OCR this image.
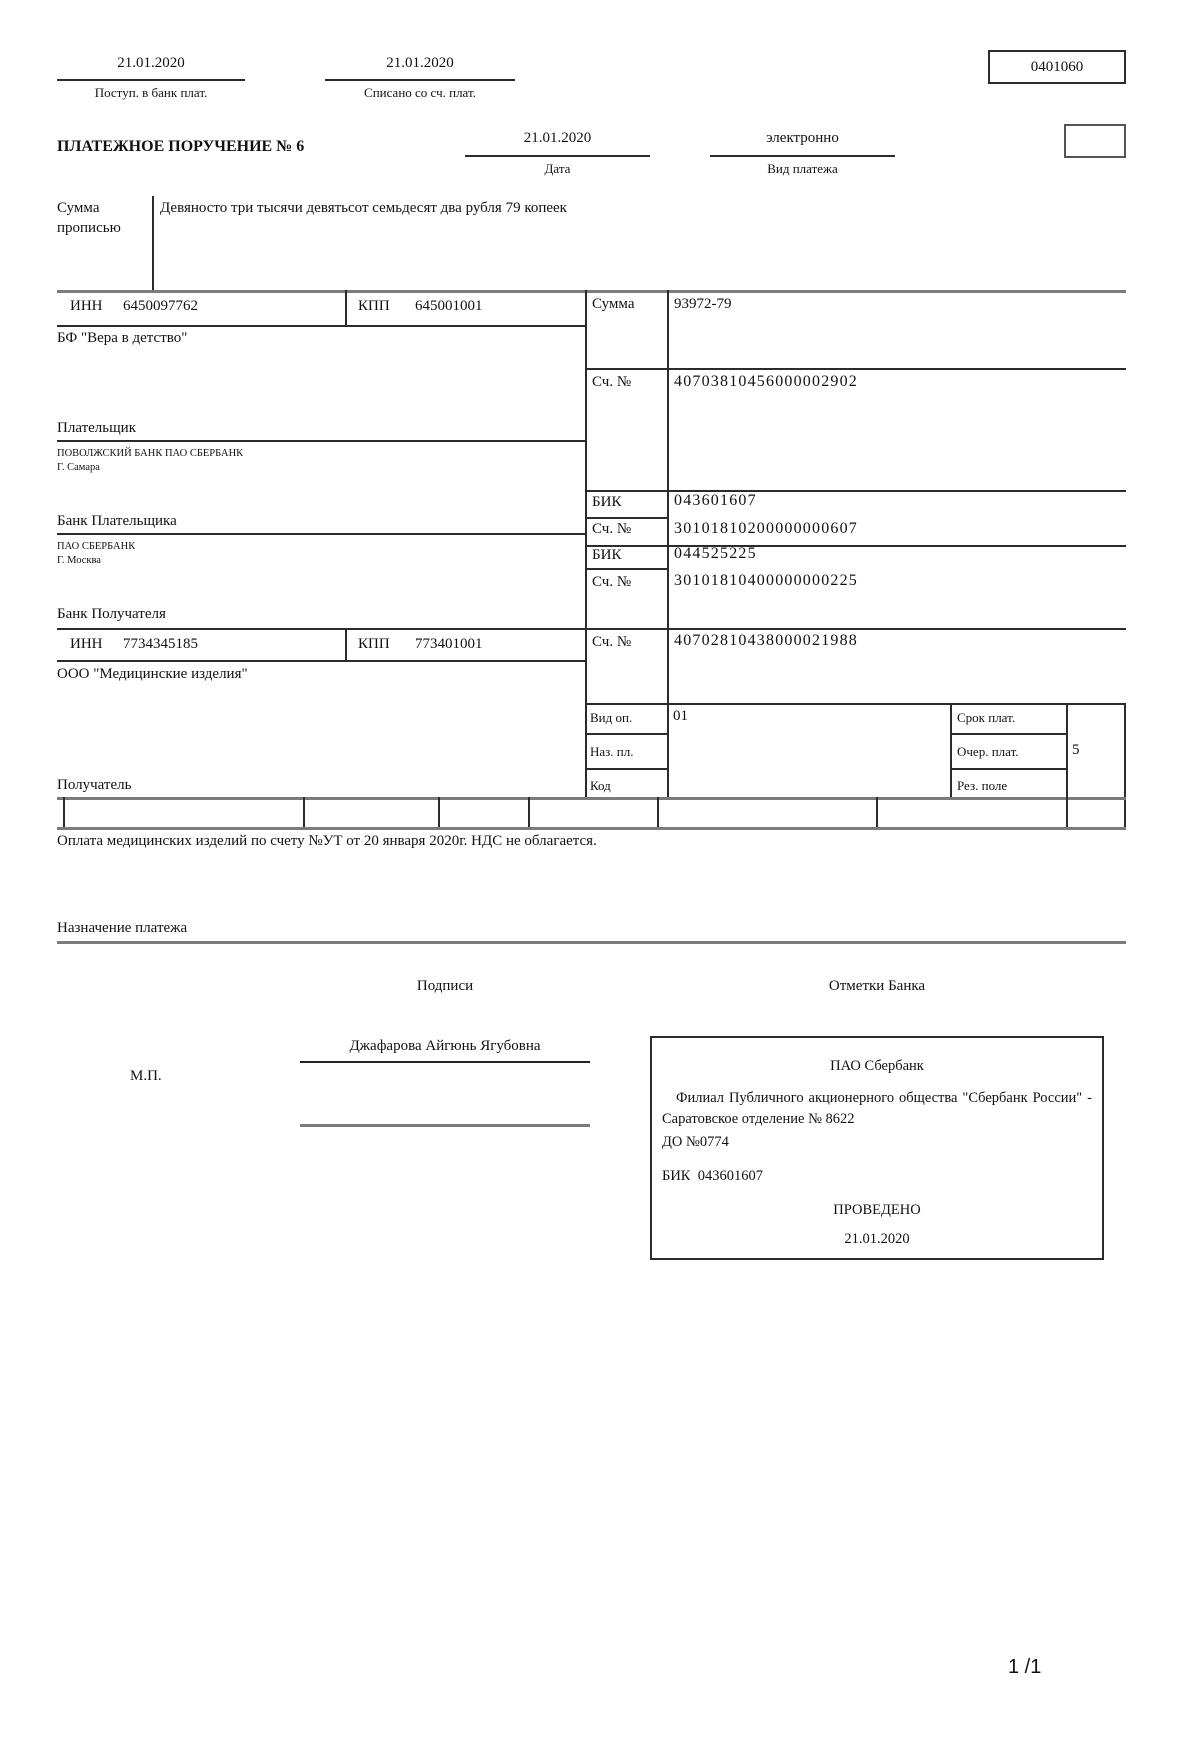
21.01.2020
Поступ. в банк плат.
21.01.2020
Списано со сч. плат.
0401060
ПЛАТЕЖНОЕ ПОРУЧЕНИЕ № 6	21.01.2020
Дата
электронно
Вид платежа
Сумма прописью
Девяносто три тысячи девятьсот семьдесят два рубля 79 копеек
ИНН 6450097762	КПП 645001001	Сумма	93972-79
БФ "Вера в детство"
Сч. №	40703810456000002902
Плательщик
ПОВОЛЖСКИЙ БАНК ПАО СБЕРБАНК
Г. Самара
БИК	043601607
Сч. №	30101810200000000607
Банк Плательщика
ПАО СБЕРБАНК
Г. Москва	БИК	044525225
Сч. №	30101810400000000225
Банк Получателя
ИНН 7734345185	КПП 773401001	Сч. №	40702810438000021988
ООО "Медицинские изделия"
Получатель
Вид оп.	01
Наз. пл.
Код
Срок плат.
Очер. плат.	5
Рез. поле
Оплата медицинских изделий по счету №УТ от 20 января 2020г. НДС не облагается.
Назначение платежа
Подписи	Отметки Банка
Джафарова Айгюнь Ягубовна
М.П.
ПАО Сбербанк
Филиал Публичного акционерного общества "Сбербанк России" - Саратовское отделение № 8622
ДО №0774
БИК 043601607
ПРОВЕДЕНО
21.01.2020
1 /1
